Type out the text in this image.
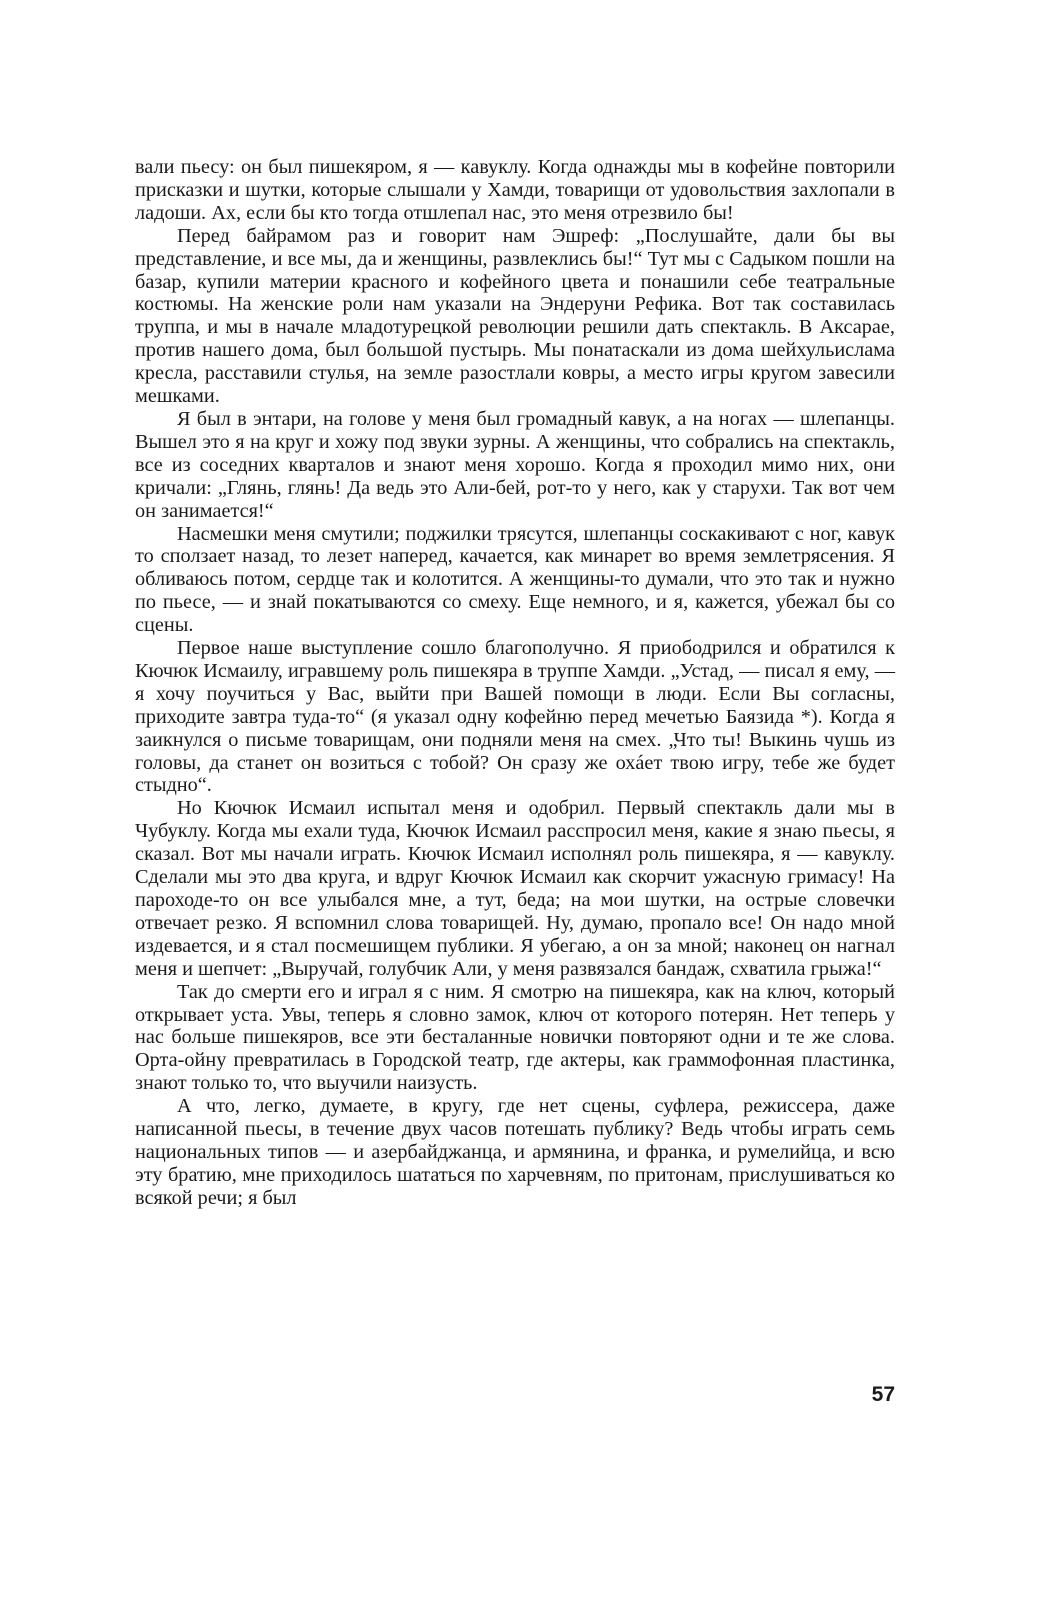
вали пьесу: он был пишекяром, я — кавуклу. Когда однажды мы в кофейне повторили присказки и шутки, которые слышали у Хамди, товарищи от удовольствия захлопали в ладоши. Ах, если бы кто тогда отшлепал нас, это меня отрезвило бы!

Перед байрамом раз и говорит нам Эшреф: „Послушайте, дали бы вы представление, и все мы, да и женщины, развлеклись бы!“ Тут мы с Садыком пошли на базар, купили материи красного и кофейного цвета и понашили себе театральные костюмы. На женские роли нам указали на Эндеруни Рефика. Вот так составилась труппа, и мы в начале младотурецкой революции решили дать спектакль. В Аксарае, против нашего дома, был большой пустырь. Мы понатаскали из дома шейхульислама кресла, расставили стулья, на земле разостлали ковры, а место игры кругом завесили мешками.

Я был в энтари, на голове у меня был громадный кавук, а на ногах — шлепанцы. Вышел это я на круг и хожу под звуки зурны. А женщины, что собрались на спектакль, все из соседних кварталов и знают меня хорошо. Когда я проходил мимо них, они кричали: „Глянь, глянь! Да ведь это Али-бей, рот-то у него, как у старухи. Так вот чем он занимается!“

Насмешки меня смутили; поджилки трясутся, шлепанцы соскакивают с ног, кавук то сползает назад, то лезет наперед, качается, как минарет во время землетрясения. Я обливаюсь потом, сердце так и колотится. А женщины-то думали, что это так и нужно по пьесе, — и знай покатываются со смеху. Еще немного, и я, кажется, убежал бы со сцены.

Первое наше выступление сошло благополучно. Я приободрился и обратился к Кючюк Исмаилу, игравшему роль пишекяра в труппе Хамди. „Устад, — писал я ему, — я хочу поучиться у Вас, выйти при Вашей помощи в люди. Если Вы согласны, приходите завтра туда-то“ (я указал одну кофейню перед мечетью Баязида *). Когда я заикнулся о письме товарищам, они подняли меня на смех. „Что ты! Выкинь чушь из головы, да станет он возиться с тобой? Он сразу же охáет твою игру, тебе же будет стыдно“.

Но Кючюк Исмаил испытал меня и одобрил. Первый спектакль дали мы в Чубуклу. Когда мы ехали туда, Кючюк Исмаил расспросил меня, какие я знаю пьесы, я сказал. Вот мы начали играть. Кючюк Исмаил исполнял роль пишекяра, я — кавуклу. Сделали мы это два круга, и вдруг Кючюк Исмаил как скорчит ужасную гримасу! На пароходе-то он все улыбался мне, а тут, беда; на мои шутки, на острые словечки отвечает резко. Я вспомнил слова товарищей. Ну, думаю, пропало все! Он надо мной издевается, и я стал посмешищем публики. Я убегаю, а он за мной; наконец он нагнал меня и шепчет: „Выручай, голубчик Али, у меня развязался бандаж, схватила грыжа!“

Так до смерти его и играл я с ним. Я смотрю на пишекяра, как на ключ, который открывает уста. Увы, теперь я словно замок, ключ от которого потерян. Нет теперь у нас больше пишекяров, все эти бесталанные новички повторяют одни и те же слова. Орта-ойну превратилась в Городской театр, где актеры, как граммофонная пластинка, знают только то, что выучили наизусть.

А что, легко, думаете, в кругу, где нет сцены, суфлера, режиссера, даже написанной пьесы, в течение двух часов потешать публику? Ведь чтобы играть семь национальных типов — и азербайджанца, и армянина, и франка, и румелийца, и всю эту братию, мне приходилось шататься по харчевням, по притонам, прислушиваться ко всякой речи; я был

57
